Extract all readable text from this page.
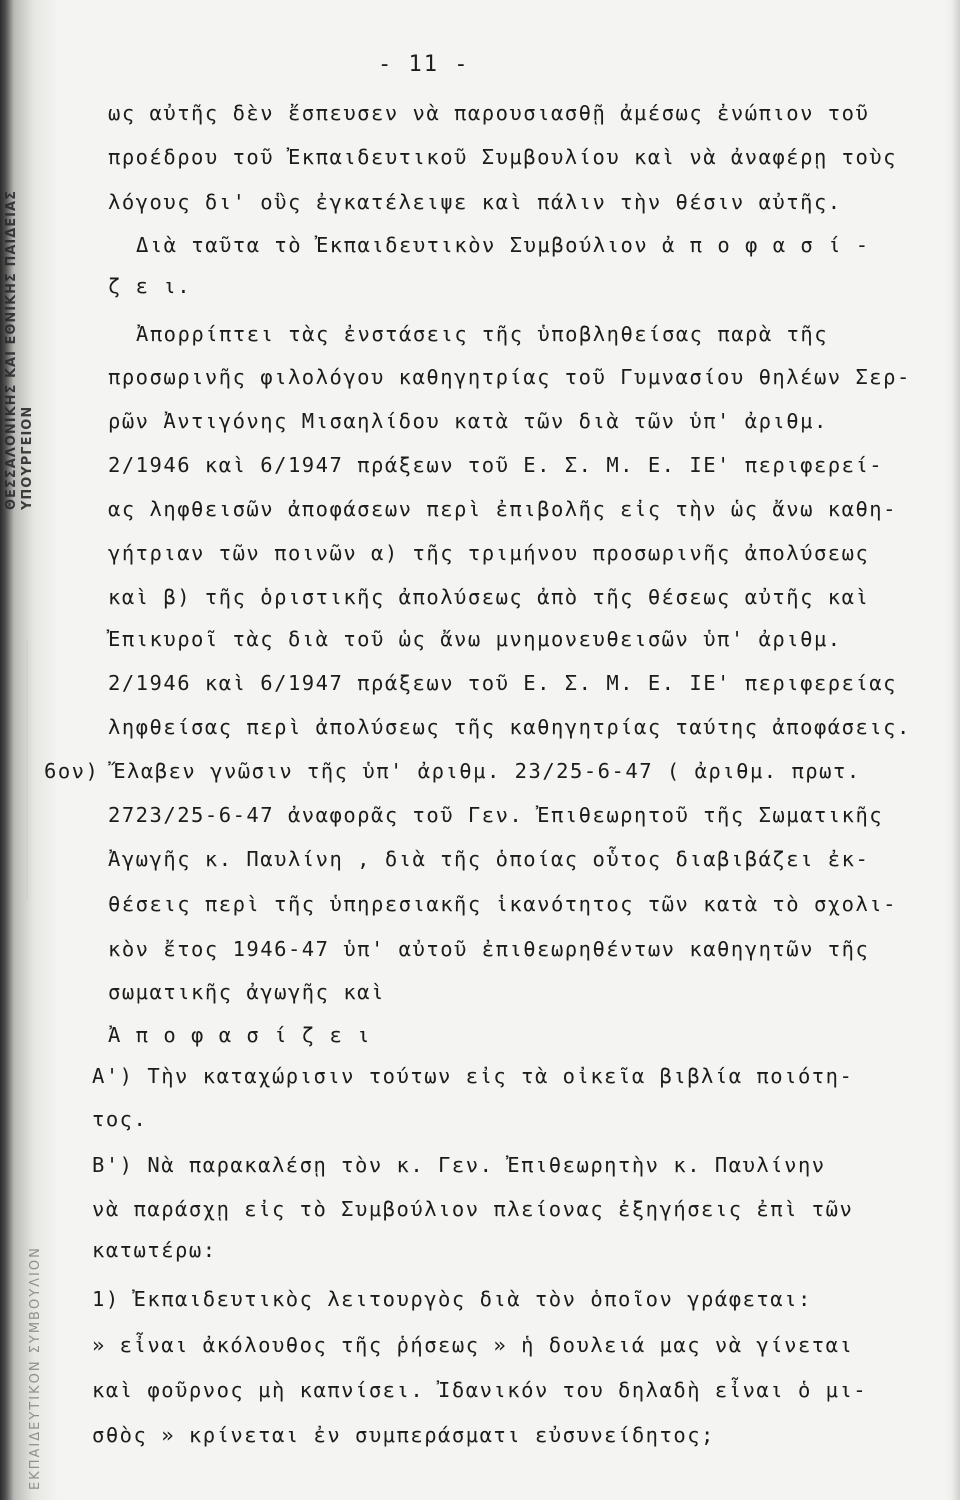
ΘΕΣΣΑΛΟΝΙΚΗΣ ΚΑΙ ΕΘΝΙΚΗΣ ΠΑΙΔΕΙΑΣ
ΥΠΟΥΡΓΕΙΟΝ
ΕΚΠΑΙΔΕΥΤΙΚΟΝ ΣΥΜΒΟΥΛΙΟΝ
- 11 -
ως αὐτῆς δὲν ἔσπευσεν νὰ παρουσιασθῇ ἀμέσως ἐνώπιον τοῦ
προέδρου τοῦ Ἐκπαιδευτικοῦ Συμβουλίου καὶ νὰ ἀναφέρῃ τοὺς
λόγους δι' οὓς ἐγκατέλειψε καὶ πάλιν τὴν θέσιν αὐτῆς.
Διὰ ταῦτα τὸ Ἐκπαιδευτικὸν Συμβούλιον ἀ π ο φ α σ ί -
ζ ε ι.
Ἀπορρίπτει τὰς ἐνστάσεις τῆς ὑποβληθείσας παρὰ τῆς
προσωρινῆς φιλολόγου καθηγητρίας τοῦ Γυμνασίου θηλέων Σερ-
ρῶν Ἀντιγόνης Μισαηλίδου κατὰ τῶν διὰ τῶν ὑπ' ἀριθμ.
2/1946 καὶ 6/1947 πράξεων τοῦ Ε. Σ. Μ. Ε. ΙΕ' περιφερεί-
ας ληφθεισῶν ἀποφάσεων περὶ ἐπιβολῆς εἰς τὴν ὡς ἄνω καθη-
γήτριαν τῶν ποινῶν α) τῆς τριμήνου προσωρινῆς ἀπολύσεως
καὶ β) τῆς ὁριστικῆς ἀπολύσεως ἀπὸ τῆς θέσεως αὐτῆς καὶ
Ἐπικυροῖ τὰς διὰ τοῦ ὡς ἄνω μνημονευθεισῶν ὑπ' ἀριθμ.
2/1946 καὶ 6/1947 πράξεων τοῦ Ε. Σ. Μ. Ε. ΙΕ' περιφερείας
ληφθείσας περὶ ἀπολύσεως τῆς καθηγητρίας ταύτης ἀποφάσεις.
6ον) Ἔλαβεν γνῶσιν τῆς ὑπ' ἀριθμ. 23/25-6-47 ( ἀριθμ. πρωτ.
2723/25-6-47 ἀναφορᾶς τοῦ Γεν. Ἐπιθεωρητοῦ τῆς Σωματικῆς
Ἀγωγῆς κ. Παυλίνη , διὰ τῆς ὁποίας οὗτος διαβιβάζει ἐκ-
θέσεις περὶ τῆς ὑπηρεσιακῆς ἱκανότητος τῶν κατὰ τὸ σχολι-
κὸν ἔτος 1946-47 ὑπ' αὐτοῦ ἐπιθεωρηθέντων καθηγητῶν τῆς
σωματικῆς ἀγωγῆς καὶ
Ἀ π ο φ α σ ί ζ ε ι
Α') Τὴν καταχώρισιν τούτων εἰς τὰ οἰκεῖα βιβλία ποιότη-
τος.
Β') Νὰ παρακαλέσῃ τὸν κ. Γεν. Ἐπιθεωρητὴν κ. Παυλίνην
νὰ παράσχῃ εἰς τὸ Συμβούλιον πλείονας ἐξηγήσεις ἐπὶ τῶν
κατωτέρω:
1) Ἐκπαιδευτικὸς λειτουργὸς διὰ τὸν ὁποῖον γράφεται:
» εἶναι ἀκόλουθος τῆς ῥήσεως » ἡ δουλειά μας νὰ γίνεται
καὶ φοῦρνος μὴ καπνίσει. Ἰδανικόν του δηλαδὴ εἶναι ὁ μι-
σθὸς » κρίνεται ἐν συμπεράσματι εὐσυνείδητος;
